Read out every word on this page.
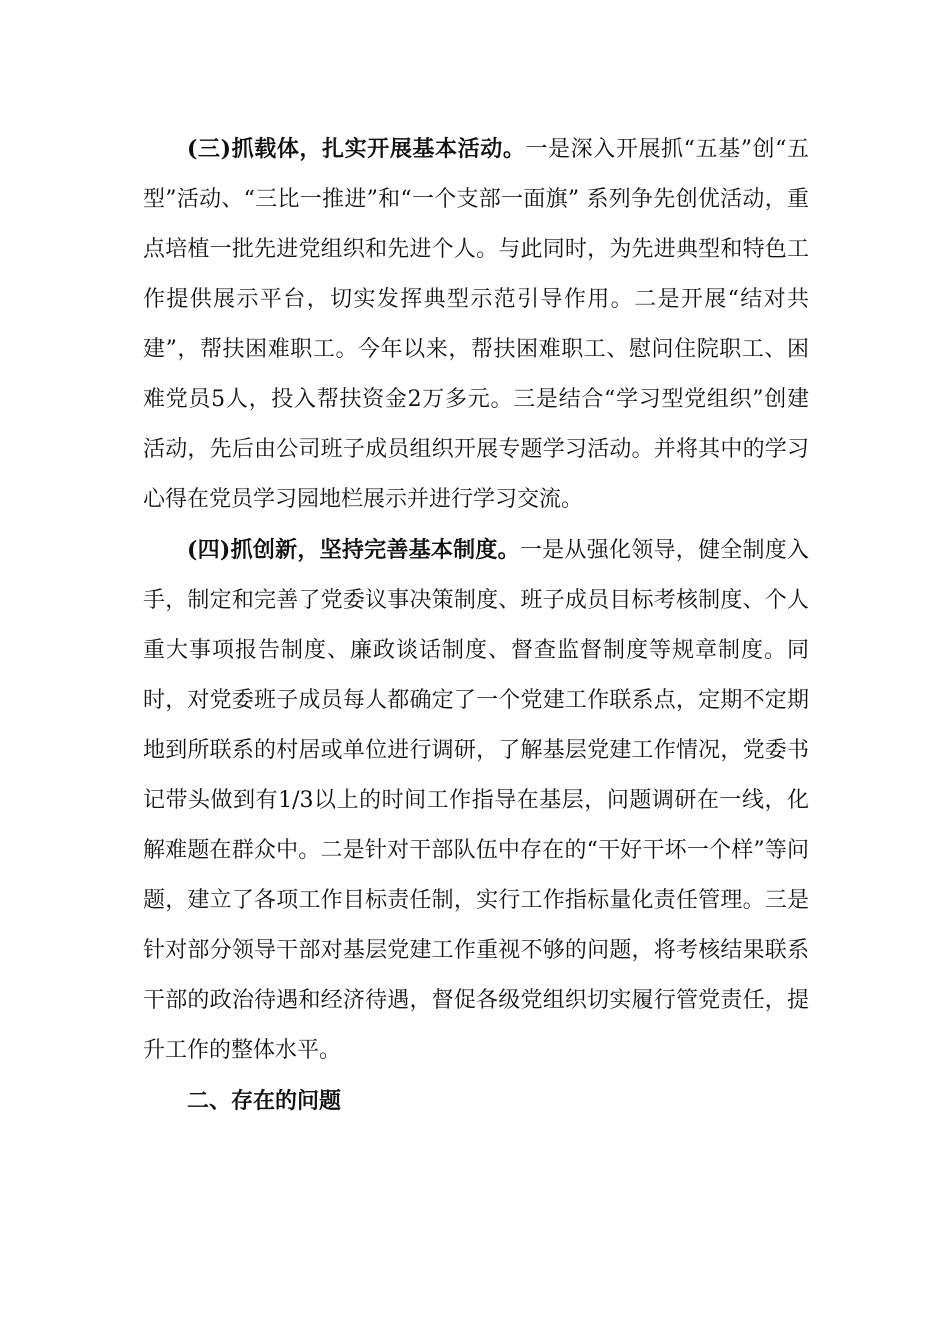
(三)抓载体，扎实开展基本活动。一是深入开展抓“五基”创“五型”活动、“三比一推进”和“一个支部一面旗” 系列争先创优活动，重点培植一批先进党组织和先进个人。与此同时，为先进典型和特色工作提供展示平台，切实发挥典型示范引导作用。二是开展“结对共建”，帮扶困难职工。今年以来，帮扶困难职工、慰问住院职工、困难党员5人，投入帮扶资金2万多元。三是结合“学习型党组织”创建活动，先后由公司班子成员组织开展专题学习活动。并将其中的学习心得在党员学习园地栏展示并进行学习交流。

(四)抓创新，坚持完善基本制度。一是从强化领导，健全制度入手，制定和完善了党委议事决策制度、班子成员目标考核制度、个人重大事项报告制度、廉政谈话制度、督查监督制度等规章制度。同时，对党委班子成员每人都确定了一个党建工作联系点，定期不定期地到所联系的村居或单位进行调研，了解基层党建工作情况，党委书记带头做到有1/3以上的时间工作指导在基层，问题调研在一线，化解难题在群众中。二是针对干部队伍中存在的“干好干坏一个样”等问题，建立了各项工作目标责任制，实行工作指标量化责任管理。三是针对部分领导干部对基层党建工作重视不够的问题，将考核结果联系干部的政治待遇和经济待遇，督促各级党组织切实履行管党责任，提升工作的整体水平。

二、存在的问题
